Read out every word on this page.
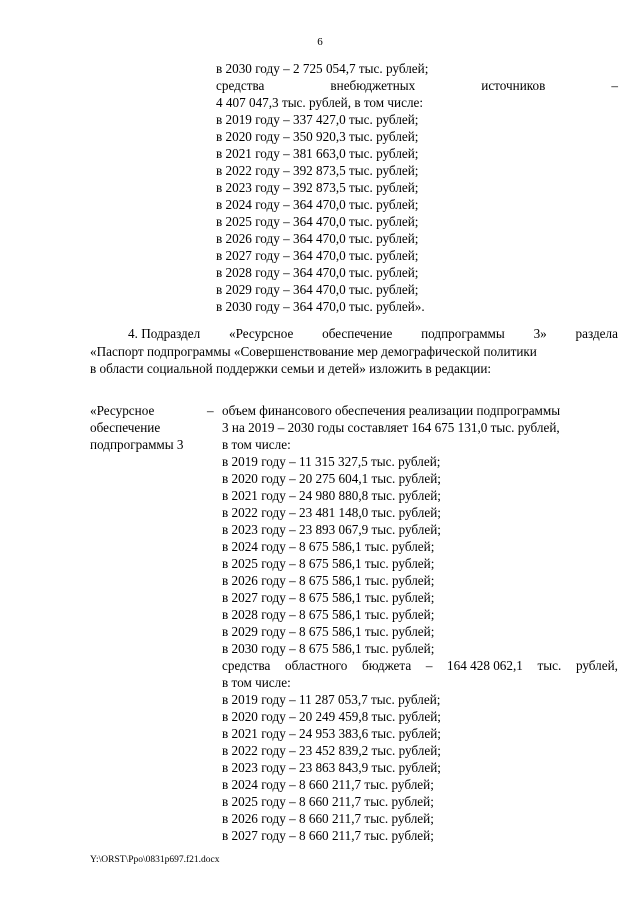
6
в 2030 году – 2 725 054,7 тыс. рублей;
средства	внебюджетных	источников	–
4 407 047,3 тыс. рублей, в том числе:
в 2019 году – 337 427,0 тыс. рублей;
в 2020 году – 350 920,3 тыс. рублей;
в 2021 году – 381 663,0 тыс. рублей;
в 2022 году – 392 873,5 тыс. рублей;
в 2023 году – 392 873,5 тыс. рублей;
в 2024 году – 364 470,0 тыс. рублей;
в 2025 году – 364 470,0 тыс. рублей;
в 2026 году – 364 470,0 тыс. рублей;
в 2027 году – 364 470,0 тыс. рублей;
в 2028 году – 364 470,0 тыс. рублей;
в 2029 году – 364 470,0 тыс. рублей;
в 2030 году – 364 470,0 тыс. рублей».
4. Подраздел «Ресурсное обеспечение подпрограммы 3» раздела
«Паспорт подпрограммы «Совершенствование мер демографической политики
в области социальной поддержки семьи и детей» изложить в редакции:
«Ресурсное
обеспечение
подпрограммы 3
– объем финансового обеспечения реализации подпрограммы
3 на 2019 – 2030 годы составляет 164 675 131,0 тыс. рублей,
в том числе:
в 2019 году – 11 315 327,5 тыс. рублей;
в 2020 году – 20 275 604,1 тыс. рублей;
в 2021 году – 24 980 880,8 тыс. рублей;
в 2022 году – 23 481 148,0 тыс. рублей;
в 2023 году – 23 893 067,9 тыс. рублей;
в 2024 году – 8 675 586,1 тыс. рублей;
в 2025 году – 8 675 586,1 тыс. рублей;
в 2026 году – 8 675 586,1 тыс. рублей;
в 2027 году – 8 675 586,1 тыс. рублей;
в 2028 году – 8 675 586,1 тыс. рублей;
в 2029 году – 8 675 586,1 тыс. рублей;
в 2030 году – 8 675 586,1 тыс. рублей;
средства областного бюджета – 164 428 062,1 тыс. рублей,
в том числе:
в 2019 году – 11 287 053,7 тыс. рублей;
в 2020 году – 20 249 459,8 тыс. рублей;
в 2021 году – 24 953 383,6 тыс. рублей;
в 2022 году – 23 452 839,2 тыс. рублей;
в 2023 году – 23 863 843,9 тыс. рублей;
в 2024 году – 8 660 211,7 тыс. рублей;
в 2025 году – 8 660 211,7 тыс. рублей;
в 2026 году – 8 660 211,7 тыс. рублей;
в 2027 году – 8 660 211,7 тыс. рублей;
Y:\ORST\Ppo\0831p697.f21.docx
